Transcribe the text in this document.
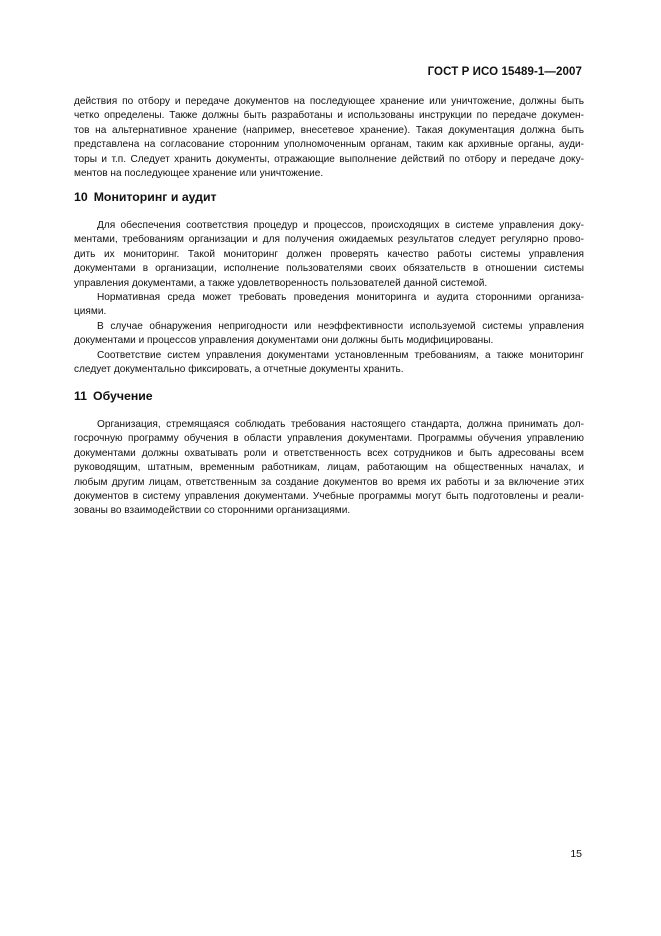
ГОСТ Р ИСО 15489-1—2007
действия по отбору и передаче документов на последующее хранение или уничтожение, должны быть
четко определены. Также должны быть разработаны и использованы инструкции по передаче докумен-
тов на альтернативное хранение (например, внесетевое хранение). Такая документация должна быть
представлена на согласование сторонним уполномоченным органам, таким как архивные органы, ауди-
торы и т.п. Следует хранить документы, отражающие выполнение действий по отбору и передаче доку-
ментов на последующее хранение или уничтожение.
10 Мониторинг и аудит
Для обеспечения соответствия процедур и процессов, происходящих в системе управления доку-
ментами, требованиям организации и для получения ожидаемых результатов следует регулярно прово-
дить их мониторинг. Такой мониторинг должен проверять качество работы системы управления
документами в организации, исполнение пользователями своих обязательств в отношении системы
управления документами, а также удовлетворенность пользователей данной системой.
Нормативная среда может требовать проведения мониторинга и аудита сторонними организа-
циями.
В случае обнаружения непригодности или неэффективности используемой системы управления
документами и процессов управления документами они должны быть модифицированы.
Соответствие систем управления документами установленным требованиям, а также мониторинг
следует документально фиксировать, а отчетные документы хранить.
11 Обучение
Организация, стремящаяся соблюдать требования настоящего стандарта, должна принимать дол-
госрочную программу обучения в области управления документами. Программы обучения управлению
документами должны охватывать роли и ответственность всех сотрудников и быть адресованы всем
руководящим, штатным, временным работникам, лицам, работающим на общественных началах, и
любым другим лицам, ответственным за создание документов во время их работы и за включение этих
документов в систему управления документами. Учебные программы могут быть подготовлены и реали-
зованы во взаимодействии со сторонними организациями.
15
